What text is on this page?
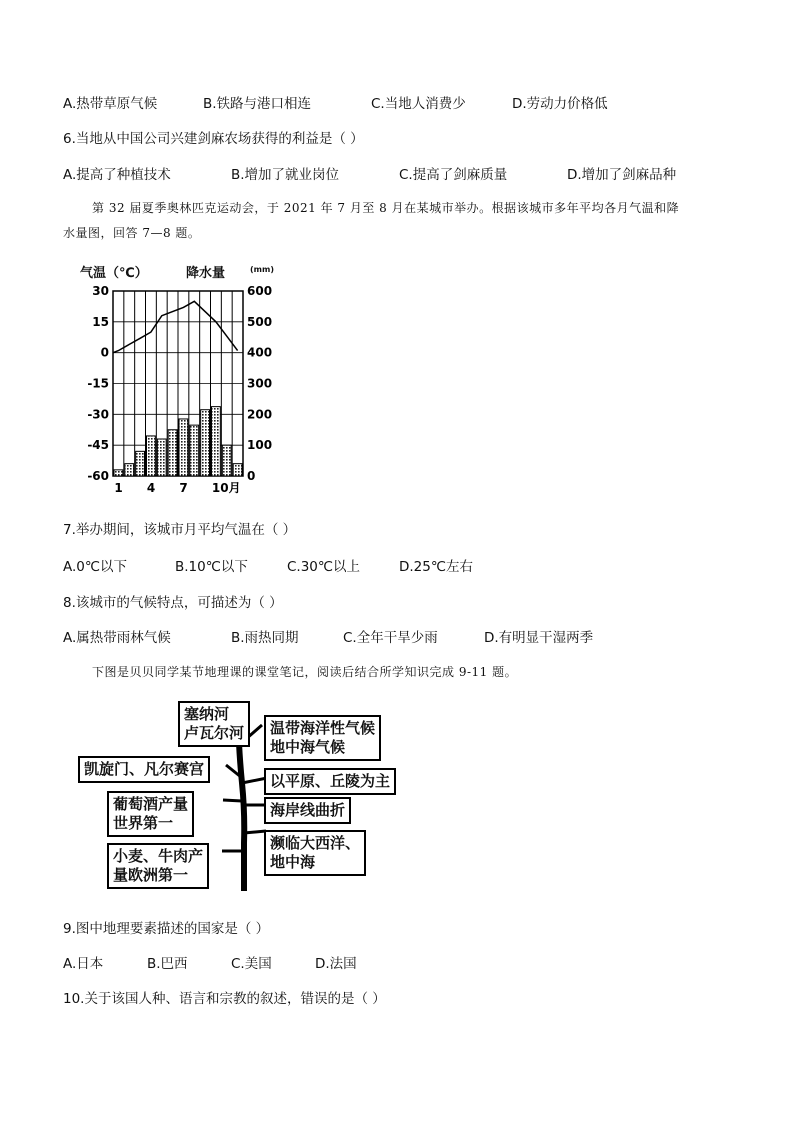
A.热带草原气候	B.铁路与港口相连	C.当地人消费少	D.劳动力价格低
6.当地从中国公司兴建剑麻农场获得的利益是（ ）
A.提高了种植技术	B.增加了就业岗位	C.提高了剑麻质量	D.增加了剑麻品种
第 32 届夏季奥林匹克运动会，于 2021 年 7 月至 8 月在某城市举办。根据该城市多年平均各月气温和降
水量图，回答 7—8 题。
气温（℃）	降水量	(mm)
30
15
0
-15
-30
-45
-60
600
500
400
300
200
100
0
1 4 7 10月
7.举办期间，该城市月平均气温在（ ）
A.0℃以下	B.10℃以下	C.30℃以上	D.25℃左右
8.该城市的气候特点，可描述为（ ）
A.属热带雨林气候	B.雨热同期	C.全年干旱少雨	D.有明显干湿两季
下图是贝贝同学某节地理课的课堂笔记，阅读后结合所学知识完成 9-11 题。
塞纳河
卢瓦尔河 温带海洋性气候
地中海气候
凯旋门、凡尔赛宫
以平原、丘陵为主
葡萄酒产量
世界第一
海岸线曲折
濒临大西洋、
地中海
小麦、牛肉产
量欧洲第一
9.图中地理要素描述的国家是（ ）
A.日本	B.巴西	C.美国	D.法国
10.关于该国人种、语言和宗教的叙述，错误的是（ ）
